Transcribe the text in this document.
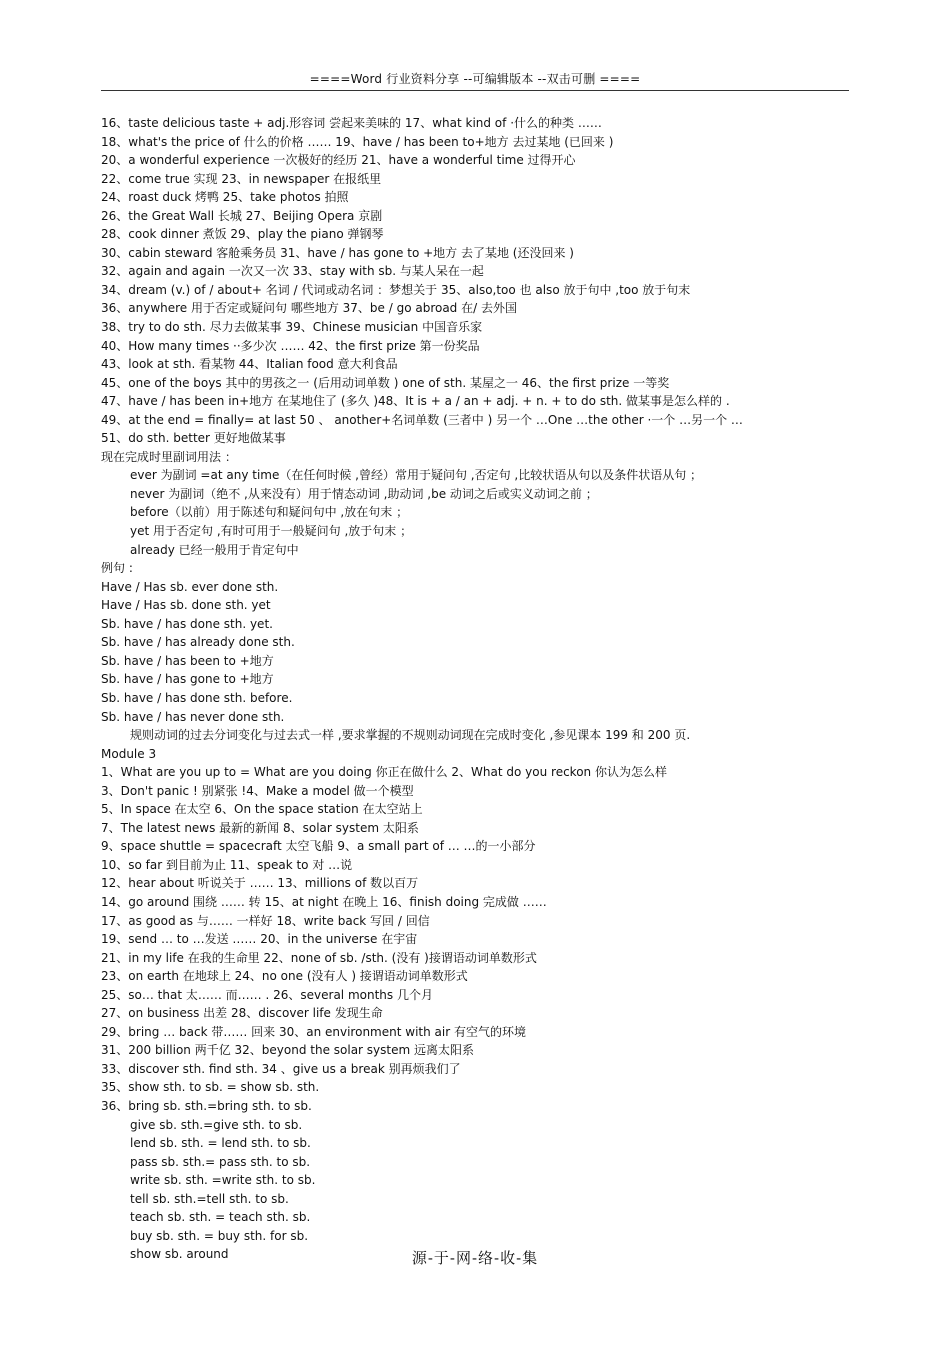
====Word 行业资料分享 --可编辑版本 --双击可删 ====
16、taste delicious taste + adj.形容词 尝起来美味的 17、what kind of ·什么的种类 ……
18、what's the price of 什么的价格 …… 19、have / has been to+地方 去过某地 (已回来 )
20、a wonderful experience 一次极好的经历 21、have a wonderful time 过得开心
22、come true 实现 23、in newspaper 在报纸里
24、roast duck 烤鸭 25、take photos 拍照
26、the Great Wall 长城 27、Beijing Opera 京剧
28、cook dinner 煮饭 29、play the piano 弹钢琴
30、cabin steward 客舱乘务员 31、have / has gone to +地方 去了某地 (还没回来 )
32、again and again 一次又一次 33、stay with sb. 与某人呆在一起
34、dream (v.) of / about+ 名词 / 代词或动名词 ：梦想关于 35、also,too 也 also 放于句中 ,too 放于句末
36、anywhere 用于否定或疑问句 哪些地方 37、be / go abroad 在/ 去外国
38、try to do sth. 尽力去做某事 39、Chinese musician 中国音乐家
40、How many times ··多少次 …… 42、the first prize 第一份奖品
43、look at sth. 看某物 44、Italian food 意大利食品
45、one of the boys 其中的男孩之一 (后用动词单数 ) one of sth. 某屋之一 46、the first prize 一等奖
47、have / has been in+地方 在某地住了 (多久 )48、It is + a / an + adj. + n. + to do sth. 做某事是怎么样的 .
49、at the end = finally= at last 50 、 another+名词单数 (三者中 ) 另一个 …One …the other ·一个 …另一个 …
51、do sth. better 更好地做某事
现在完成时里副词用法 ：
ever 为副词 =at any time（在任何时候 ,曾经）常用于疑问句 ,否定句 ,比较状语从句以及条件状语从句 ；
never 为副词（绝不 ,从来没有）用于情态动词 ,助动词 ,be 动词之后或实义动词之前 ；
before（以前）用于陈述句和疑问句中 ,放在句末 ；
yet 用于否定句 ,有时可用于一般疑问句 ,放于句末 ；
already 已经一般用于肯定句中
例句 :
Have / Has sb. ever done sth.
Have / Has sb. done sth. yet
Sb. have / has done sth. yet.
Sb. have / has already done sth.
Sb. have / has been to +地方
Sb. have / has gone to +地方
Sb. have / has done sth. before.
Sb. have / has never done sth.
规则动词的过去分词变化与过去式一样 ,要求掌握的不规则动词现在完成时变化 ,参见课本 199 和 200 页.
Module 3
1、What are you up to = What are you doing 你正在做什么 2、What do you reckon 你认为怎么样
3、Don't panic ! 别紧张 !4、Make a model 做一个模型
5、In space 在太空 6、On the space station 在太空站上
7、The latest news 最新的新闻 8、solar system 太阳系
9、space shuttle = spacecraft 太空飞船 9、a small part of … …的一小部分
10、so far 到目前为止 11、speak to 对 …说
12、hear about 听说关于 …… 13、millions of 数以百万
14、go around 围绕 …… 转 15、at night 在晚上 16、finish doing 完成做 ……
17、as good as 与…… 一样好 18、write back 写回 / 回信
19、send … to …发送 …… 20、in the universe 在宇宙
21、in my life 在我的生命里 22、none of sb. /sth. (没有 )接谓语动词单数形式
23、on earth 在地球上 24、no one (没有人 ) 接谓语动词单数形式
25、so… that 太…… 而…… . 26、several months 几个月
27、on business 出差 28、discover life 发现生命
29、bring … back 带…… 回来 30、an environment with air 有空气的环境
31、200 billion 两千亿 32、beyond the solar system 远离太阳系
33、discover sth. find sth. 34 、give us a break 别再烦我们了
35、show sth. to sb. = show sb. sth.
36、bring sb. sth.=bring sth. to sb.
give sb. sth.=give sth. to sb.
lend sb. sth. = lend sth. to sb.
pass sb. sth.= pass sth. to sb.
write sb. sth. =write sth. to sb.
tell sb. sth.=tell sth. to sb.
teach sb. sth. = teach sth. sb.
buy sb. sth. = buy sth. for sb.
show sb. around	源-于-网-络-收-集
